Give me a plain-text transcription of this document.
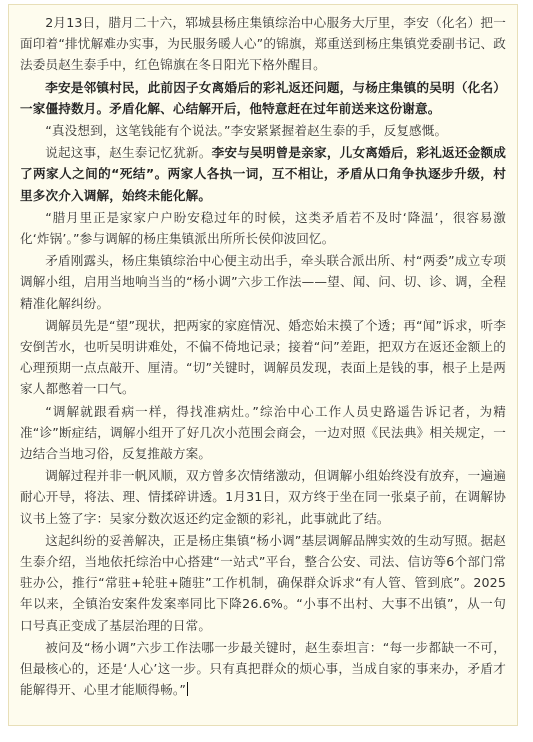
2月13日，腊月二十六，郓城县杨庄集镇综治中心服务大厅里，李安（化名）把一面印着“排忧解难办实事，为民服务暖人心”的锦旗，郑重送到杨庄集镇党委副书记、政法委员赵生泰手中，红色锦旗在冬日阳光下格外醒目。

李安是邻镇村民，此前因子女离婚后的彩礼返还问题，与杨庄集镇的吴明（化名）一家僵持数月。矛盾化解、心结解开后，他特意赶在过年前送来这份谢意。

“真没想到，这笔钱能有个说法。”李安紧紧握着赵生泰的手，反复感慨。

说起这事，赵生泰记忆犹新。李安与吴明曾是亲家，儿女离婚后，彩礼返还金额成了两家人之间的“死结”。两家人各执一词，互不相让，矛盾从口角争执逐步升级，村里多次介入调解，始终未能化解。

“腊月里正是家家户户盼安稳过年的时候，这类矛盾若不及时‘降温’，很容易激化‘炸锅’。”参与调解的杨庄集镇派出所所长侯仰波回忆。

矛盾刚露头，杨庄集镇综治中心便主动出手，牵头联合派出所、村“两委”成立专项调解小组，启用当地响当当的“杨小调”六步工作法——望、闻、问、切、诊、调，全程精准化解纠纷。

调解员先是“望”现状，把两家的家庭情况、婚恋始末摸了个透；再“闻”诉求，听李安倒苦水，也听吴明讲难处，不偏不倚地记录；接着“问”差距，把双方在返还金额上的心理预期一点点敲开、厘清。“切”关键时，调解员发现，表面上是钱的事，根子上是两家人都憋着一口气。

“调解就跟看病一样，得找准病灶。”综治中心工作人员史路遥告诉记者，为精准“诊”断症结，调解小组开了好几次小范围会商会，一边对照《民法典》相关规定，一边结合当地习俗，反复推敲方案。

调解过程并非一帆风顺，双方曾多次情绪激动，但调解小组始终没有放弃，一遍遍耐心开导，将法、理、情揉碎讲透。1月31日，双方终于坐在同一张桌子前，在调解协议书上签了字：吴家分数次返还约定金额的彩礼，此事就此了结。

这起纠纷的妥善解决，正是杨庄集镇“杨小调”基层调解品牌实效的生动写照。据赵生泰介绍，当地依托综治中心搭建“一站式”平台，整合公安、司法、信访等6个部门常驻办公，推行“常驻+轮驻+随驻”工作机制，确保群众诉求“有人管、管到底”。2025年以来，全镇治安案件发案率同比下降26.6%。“小事不出村、大事不出镇”，从一句口号真正变成了基层治理的日常。

被问及“杨小调”六步工作法哪一步最关键时，赵生泰坦言：“每一步都缺一不可，但最核心的，还是‘人心’这一步。只有真把群众的烦心事，当成自家的事来办，矛盾才能解得开、心里才能顺得畅。”
